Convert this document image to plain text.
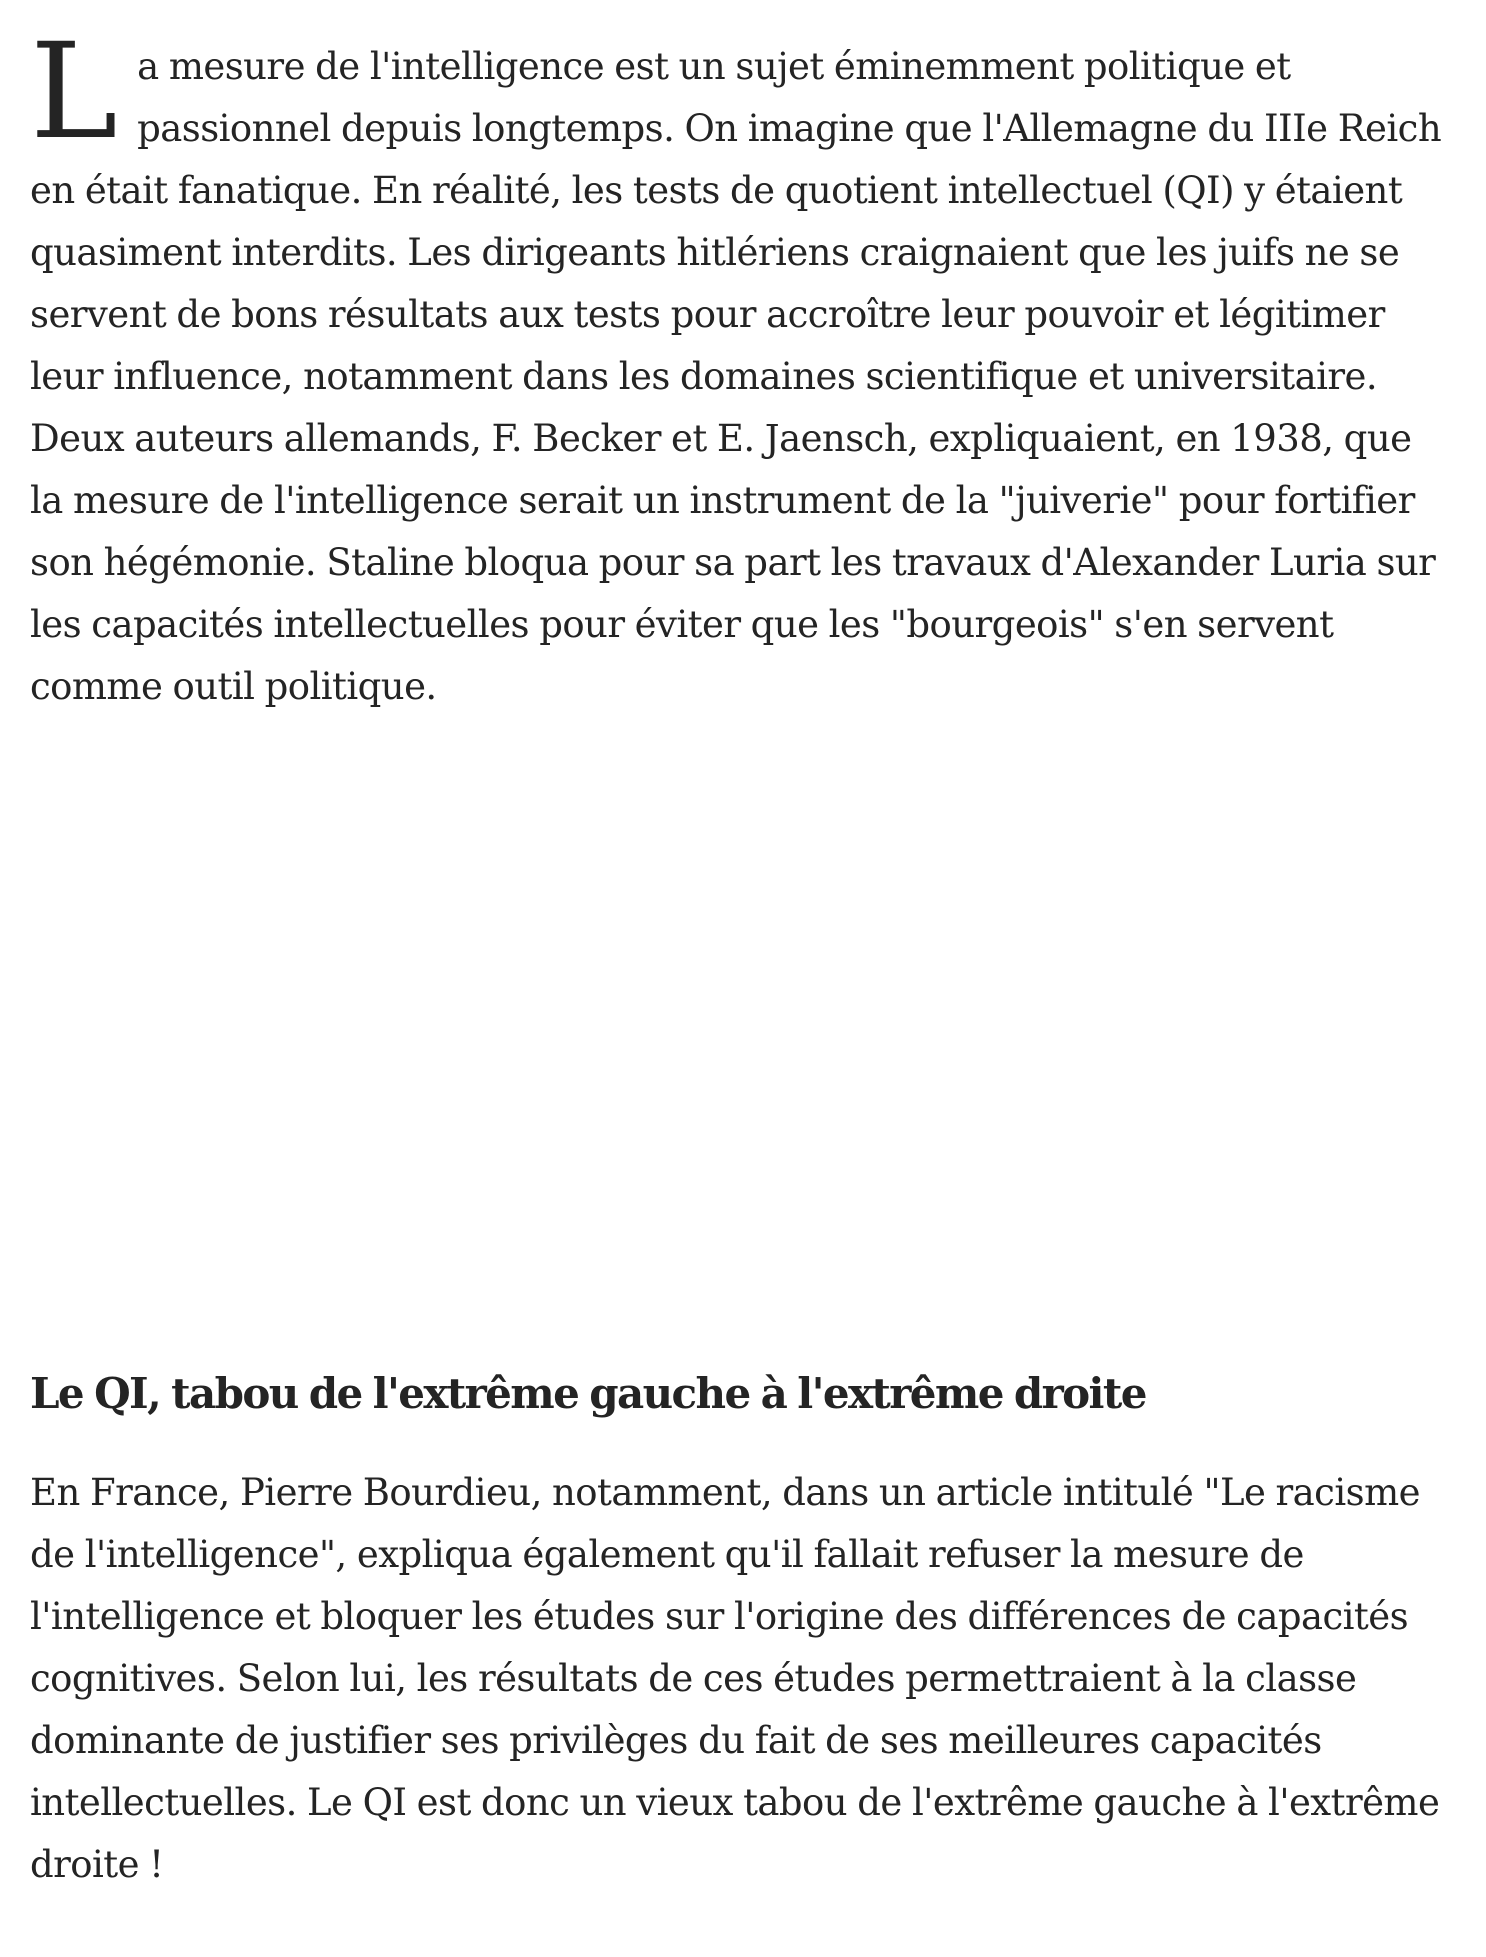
La mesure de l'intelligence est un sujet éminemment politique et passionnel depuis longtemps. On imagine que l'Allemagne du IIIe Reich en était fanatique. En réalité, les tests de quotient intellectuel (QI) y étaient quasiment interdits. Les dirigeants hitlériens craignaient que les juifs ne se servent de bons résultats aux tests pour accroître leur pouvoir et légitimer leur influence, notamment dans les domaines scientifique et universitaire. Deux auteurs allemands, F. Becker et E. Jaensch, expliquaient, en 1938, que la mesure de l'intelligence serait un instrument de la "juiverie" pour fortifier son hégémonie. Staline bloqua pour sa part les travaux d'Alexander Luria sur les capacités intellectuelles pour éviter que les "bourgeois" s'en servent comme outil politique.

Le QI, tabou de l'extrême gauche à l'extrême droite

En France, Pierre Bourdieu, notamment, dans un article intitulé "Le racisme de l'intelligence", expliqua également qu'il fallait refuser la mesure de l'intelligence et bloquer les études sur l'origine des différences de capacités cognitives. Selon lui, les résultats de ces études permettraient à la classe dominante de justifier ses privilèges du fait de ses meilleures capacités intellectuelles. Le QI est donc un vieux tabou de l'extrême gauche à l'extrême droite !
